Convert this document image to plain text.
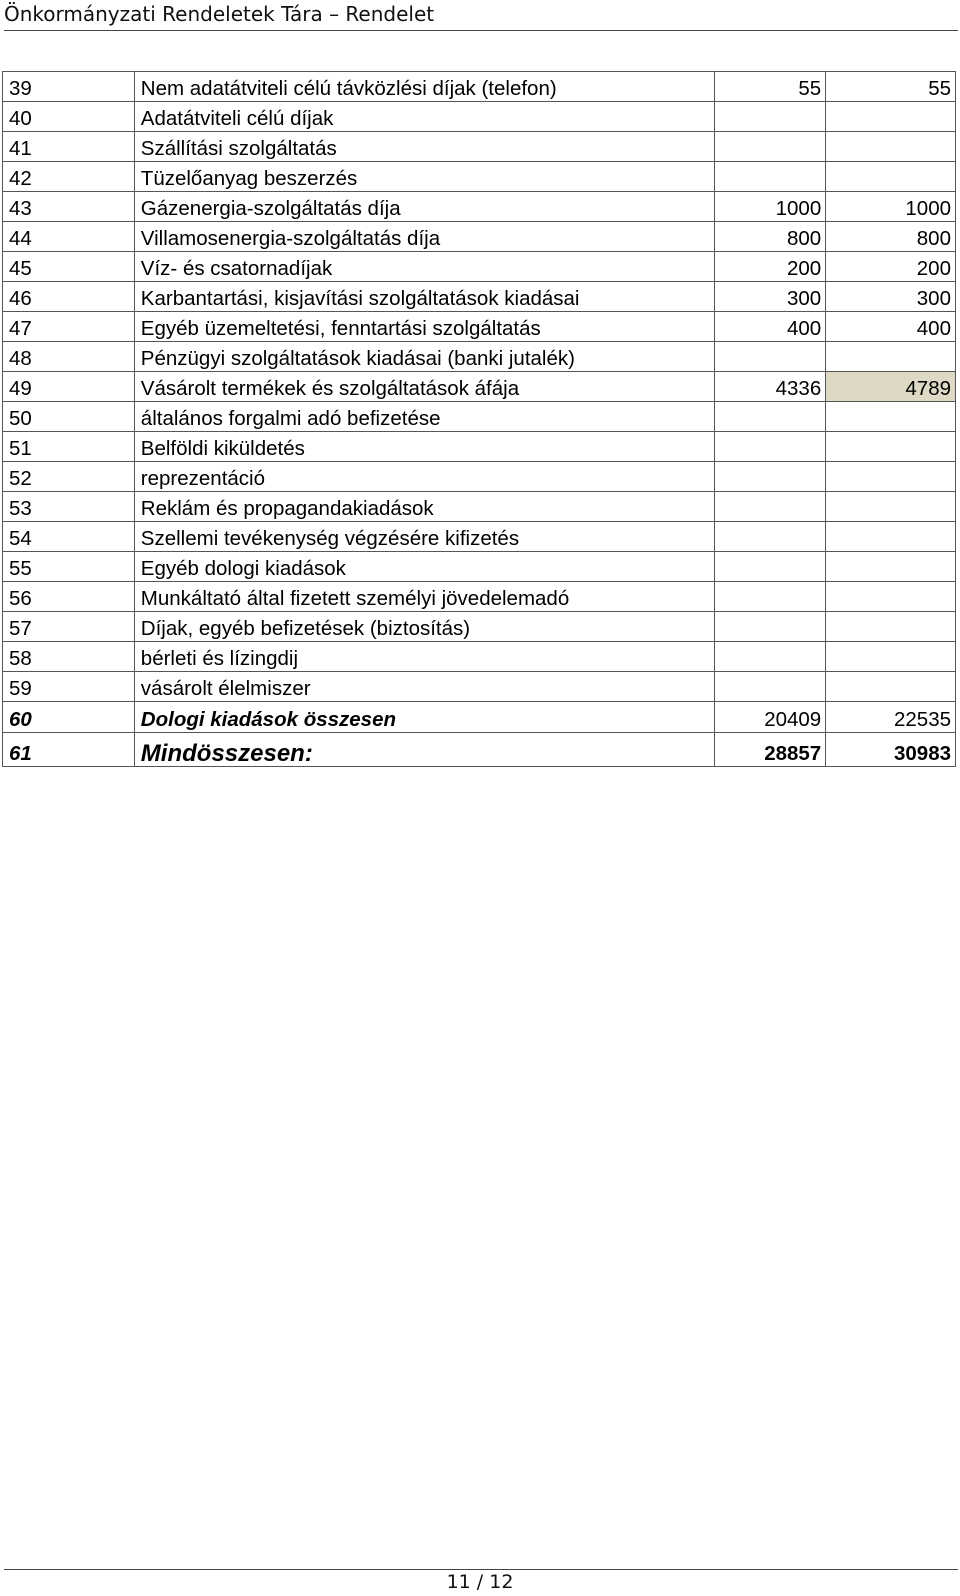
Önkormányzati Rendeletek Tára – Rendelet
39	Nem adatátviteli célú távközlési díjak (telefon)	55	55
40	Adatátviteli célú díjak		
41	Szállítási szolgáltatás		
42	Tüzelőanyag beszerzés		
43	Gázenergia-szolgáltatás díja	1000	1000
44	Villamosenergia-szolgáltatás díja	800	800
45	Víz- és csatornadíjak	200	200
46	Karbantartási, kisjavítási szolgáltatások kiadásai	300	300
47	Egyéb üzemeltetési, fenntartási szolgáltatás	400	400
48	Pénzügyi szolgáltatások kiadásai (banki jutalék)		
49	Vásárolt termékek és szolgáltatások áfája	4336	4789
50	általános forgalmi adó befizetése		
51	Belföldi kiküldetés		
52	reprezentáció		
53	Reklám és propagandakiadások		
54	Szellemi tevékenység végzésére kifizetés		
55	Egyéb dologi kiadások		
56	Munkáltató által fizetett személyi jövedelemadó		
57	Díjak, egyéb befizetések (biztosítás)		
58	bérleti és lízingdij		
59	vásárolt élelmiszer		
60	Dologi kiadások összesen	20409	22535
61	Mindösszesen:	28857	30983
11 / 12
